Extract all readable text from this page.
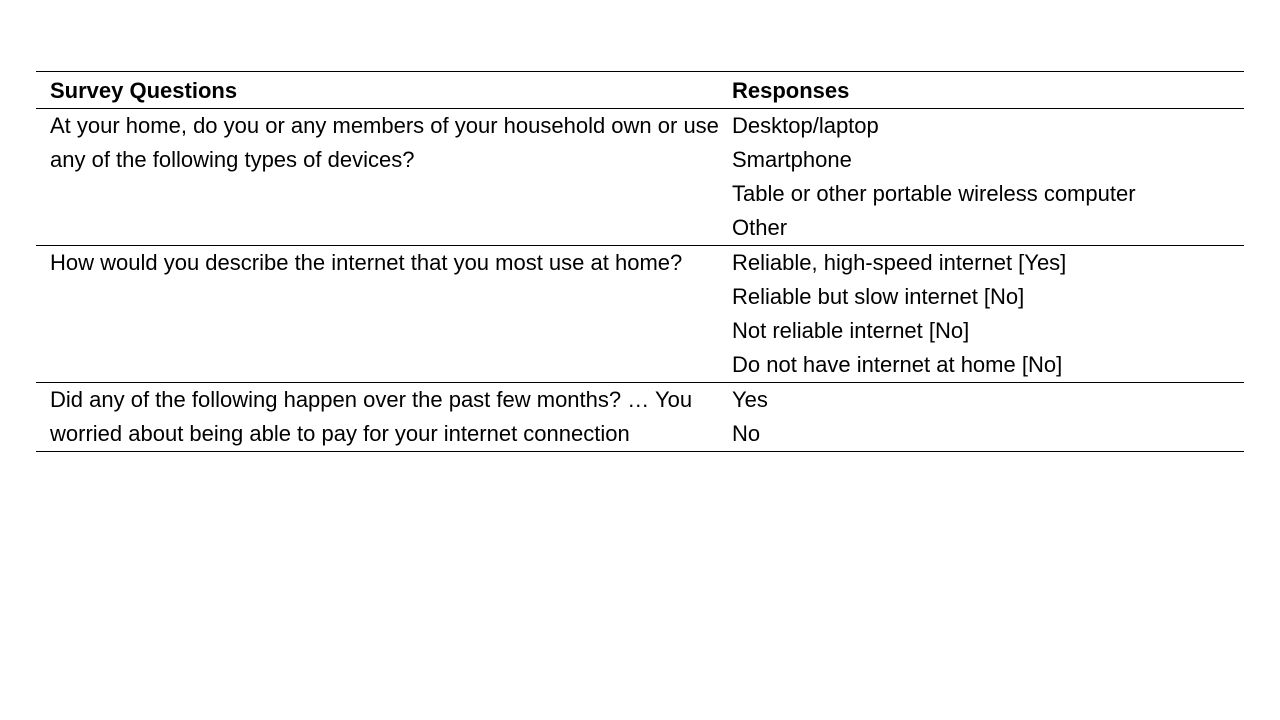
Survey Questions	Responses

At your home, do you or any members of your household own or use any of the following types of devices?	Desktop/laptop
Smartphone
Table or other portable wireless computer
Other

How would you describe the internet that you most use at home?	Reliable, high-speed internet [Yes]
Reliable but slow internet [No]
Not reliable internet [No]
Do not have internet at home [No]

Did any of the following happen over the past few months? … You worried about being able to pay for your internet connection	Yes
No
